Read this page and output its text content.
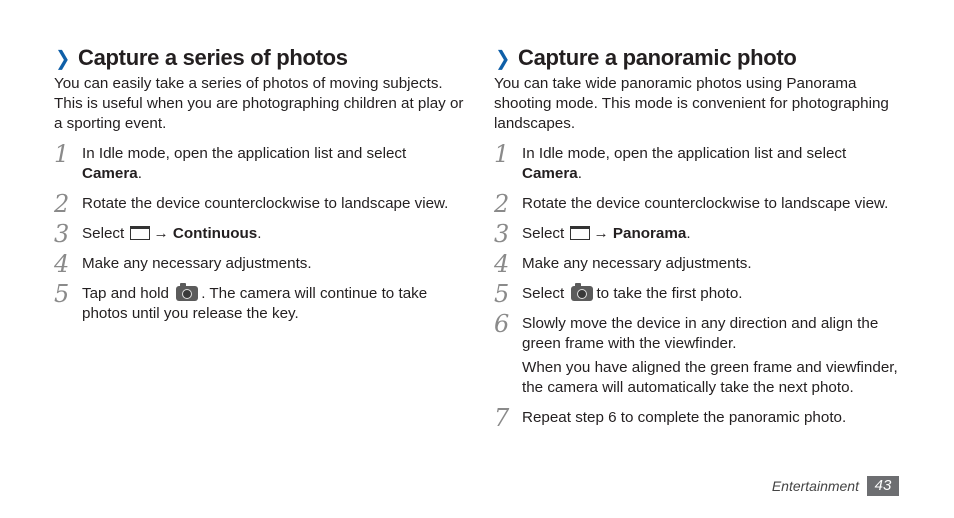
❯ Capture a series of photos

You can easily take a series of photos of moving subjects. This is useful when you are photographing children at play or a sporting event.

1 In Idle mode, open the application list and select Camera.
2 Rotate the device counterclockwise to landscape view.
3 Select → Continuous.
4 Make any necessary adjustments.
5 Tap and hold . The camera will continue to take photos until you release the key.
❯ Capture a panoramic photo

You can take wide panoramic photos using Panorama shooting mode. This mode is convenient for photographing landscapes.

1 In Idle mode, open the application list and select Camera.
2 Rotate the device counterclockwise to landscape view.
3 Select → Panorama.
4 Make any necessary adjustments.
5 Select to take the first photo.
6 Slowly move the device in any direction and align the green frame with the viewfinder.
When you have aligned the green frame and viewfinder, the camera will automatically take the next photo.
7 Repeat step 6 to complete the panoramic photo.
Entertainment	43
